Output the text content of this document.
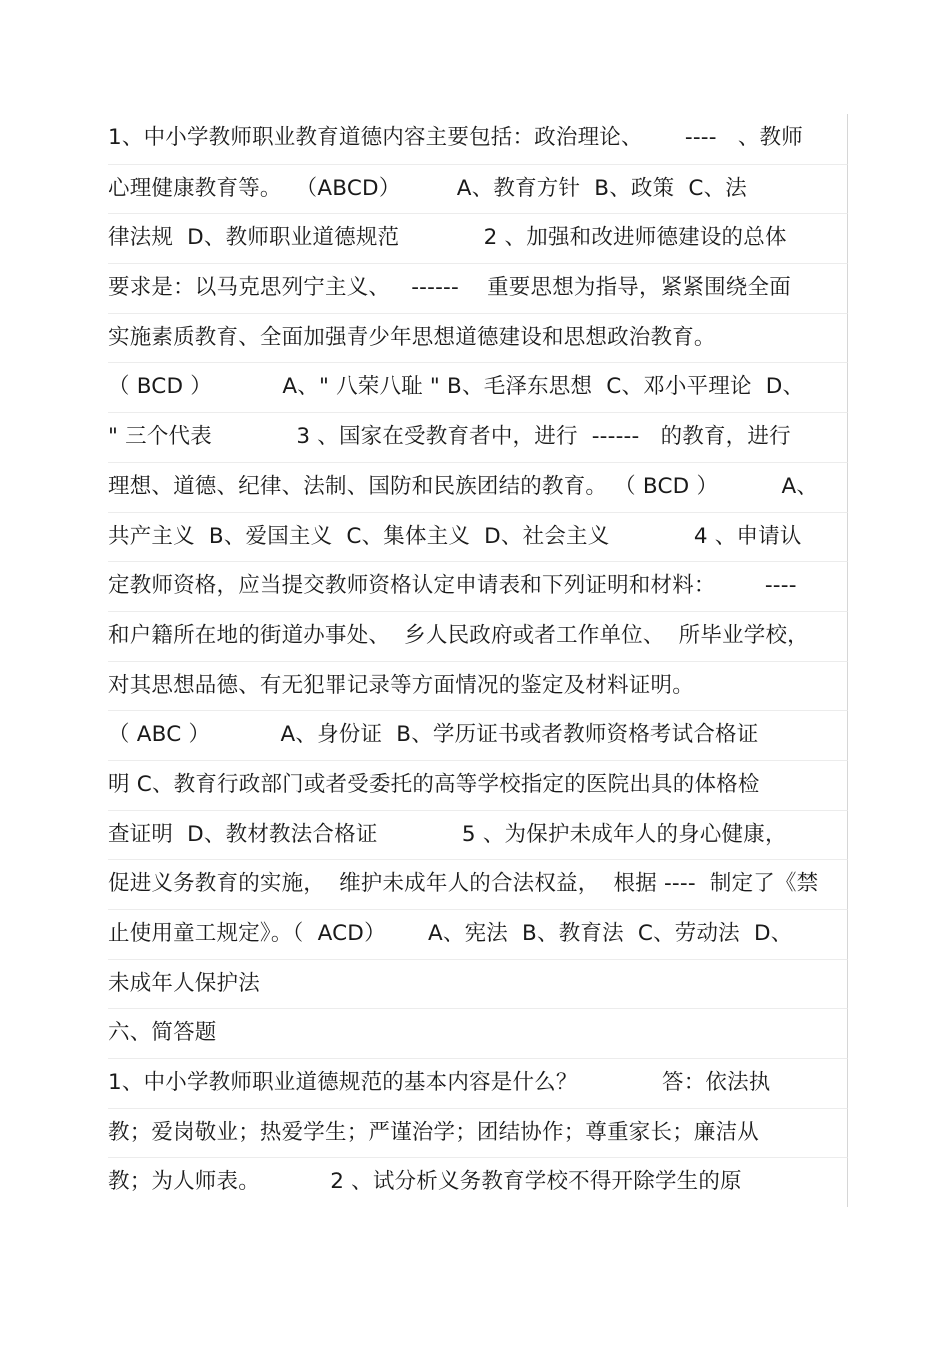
1、中小学教师职业教育道德内容主要包括：政治理论、      ----   、教师
心理健康教育等。  （ABCD）        A、教育方针  B、政策  C、法
律法规  D、教师职业道德规范            2 、加强和改进师德建设的总体
要求是：以马克思列宁主义、   ------    重要思想为指导，紧紧围绕全面
实施素质教育、全面加强青少年思想道德建设和思想政治教育。
（ BCD ）          A、" 八荣八耻 " B、毛泽东思想  C、邓小平理论  D、
" 三个代表            3 、国家在受教育者中，进行  ------   的教育，进行
理想、道德、纪律、法制、国防和民族团结的教育。 （ BCD ）         A、
共产主义  B、爱国主义  C、集体主义  D、社会主义            4 、申请认
定教师资格，应当提交教师资格认定申请表和下列证明和材料：       ----
和户籍所在地的街道办事处、  乡人民政府或者工作单位、  所毕业学校，
对其思想品德、有无犯罪记录等方面情况的鉴定及材料证明。
（ ABC ）          A、身份证  B、学历证书或者教师资格考试合格证
明 C、教育行政部门或者受委托的高等学校指定的医院出具的体格检
查证明  D、教材教法合格证            5 、为保护未成年人的身心健康，
促进义务教育的实施，  维护未成年人的合法权益，  根据 ----  制定了《禁
止使用童工规定》。（  ACD）      A、宪法  B、教育法  C、劳动法  D、
未成年人保护法
六、简答题
1、中小学教师职业道德规范的基本内容是什么？            答：依法执
教；爱岗敬业；热爱学生；严谨治学；团结协作；尊重家长；廉洁从
教；为人师表。          2 、试分析义务教育学校不得开除学生的原
